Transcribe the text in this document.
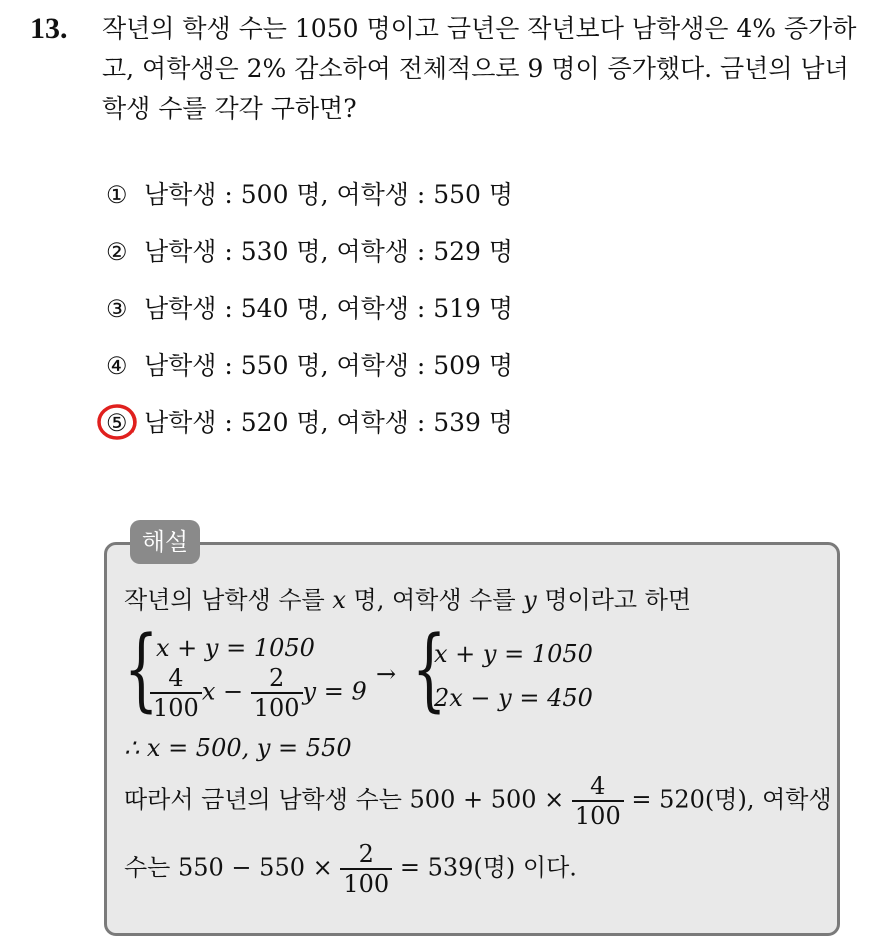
13. 작년의 학생 수는 1050 명이고 금년은 작년보다 남학생은 4% 증가하
고, 여학생은 2% 감소하여 전체적으로 9 명이 증가했다. 금년의 남녀
학생 수를 각각 구하면?
① 남학생 : 500 명, 여학생 : 550 명
② 남학생 : 530 명, 여학생 : 529 명
③ 남학생 : 540 명, 여학생 : 519 명
④ 남학생 : 550 명, 여학생 : 509 명
⑤ 남학생 : 520 명, 여학생 : 539 명
해설
작년의 남학생 수를 x 명, 여학생 수를 y 명이라고 하면
{
x + y = 1050
$\frac{4}{100}$ $x - \frac{2}{100}$ y = 9
→ {
x + y = 1050
2x − y = 450
∴ x = 500, y = 550
따라서 금년의 남학생 수는 $500 + 500 \times \frac{4}{100} = 520$(명), 여학생
수는 $550 - 550 \times \frac{2}{100} = 539$(명) 이다.
